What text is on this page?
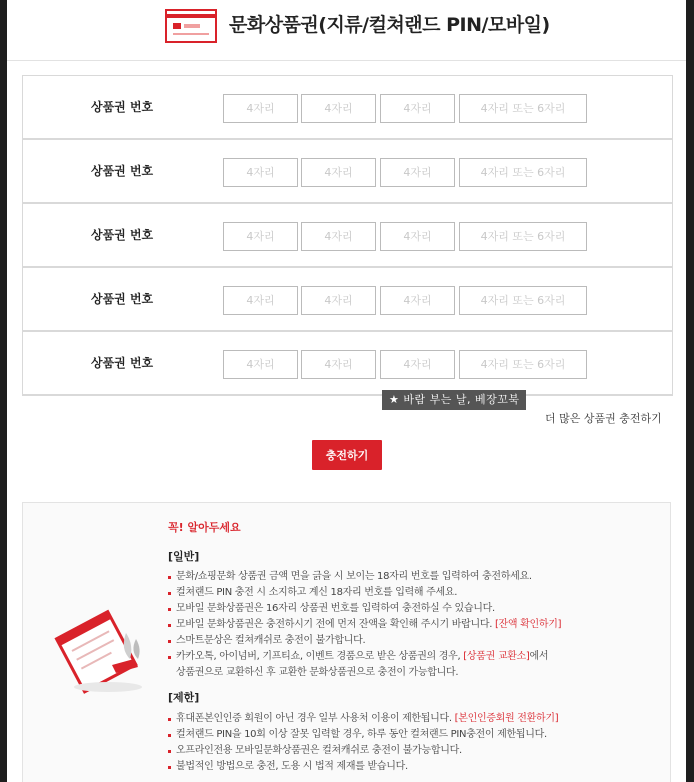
문화상품권(지류/컬쳐랜드 PIN/모바일)
상품권 번호	4자리	4자리	4자리	4자리 또는 6자리
상품권 번호	4자리	4자리	4자리	4자리 또는 6자리
상품권 번호	4자리	4자리	4자리	4자리 또는 6자리
상품권 번호	4자리	4자리	4자리	4자리 또는 6자리
상품권 번호	4자리	4자리	4자리	4자리 또는 6자리
★ 바람 부는 날, 베장꼬북
더 많은 상품권 충전하기
충전하기
꼭! 알아두세요
[일반]
문화/쇼핑문화 상품권 금액 면을 긁을 시 보이는 18자리 번호를 입력하여 충전하세요.
컬쳐랜드 PIN 충전 시 소지하고 계신 18자리 번호를 입력해 주세요.
모바일 문화상품권은 16자리 상품권 번호를 입력하여 충전하실 수 있습니다.
모바일 문화상품권은 충전하시기 전에 먼저 잔액을 확인해 주시기 바랍니다. [잔액 확인하기]
스마트문상은 컬쳐캐쉬로 충전이 불가합니다.
카카오톡, 아이넘버, 기프티쇼, 이벤트 경품으로 받은 상품권의 경우, [상품권 교환소]에서
상품권으로 교환하신 후 교환한 문화상품권으로 충전이 가능합니다.
[제한]
휴대폰본인인증 회원이 아닌 경우 일부 사용처 이용이 제한됩니다. [본인인증회원 전환하기]
컬쳐랜드 PIN을 10회 이상 잘못 입력할 경우, 하루 동안 컬쳐랜드 PIN충전이 제한됩니다.
오프라인전용 모바일문화상품권은 컬쳐캐쉬로 충전이 불가능합니다.
불법적인 방법으로 충전, 도용 시 법적 제재를 받습니다.
